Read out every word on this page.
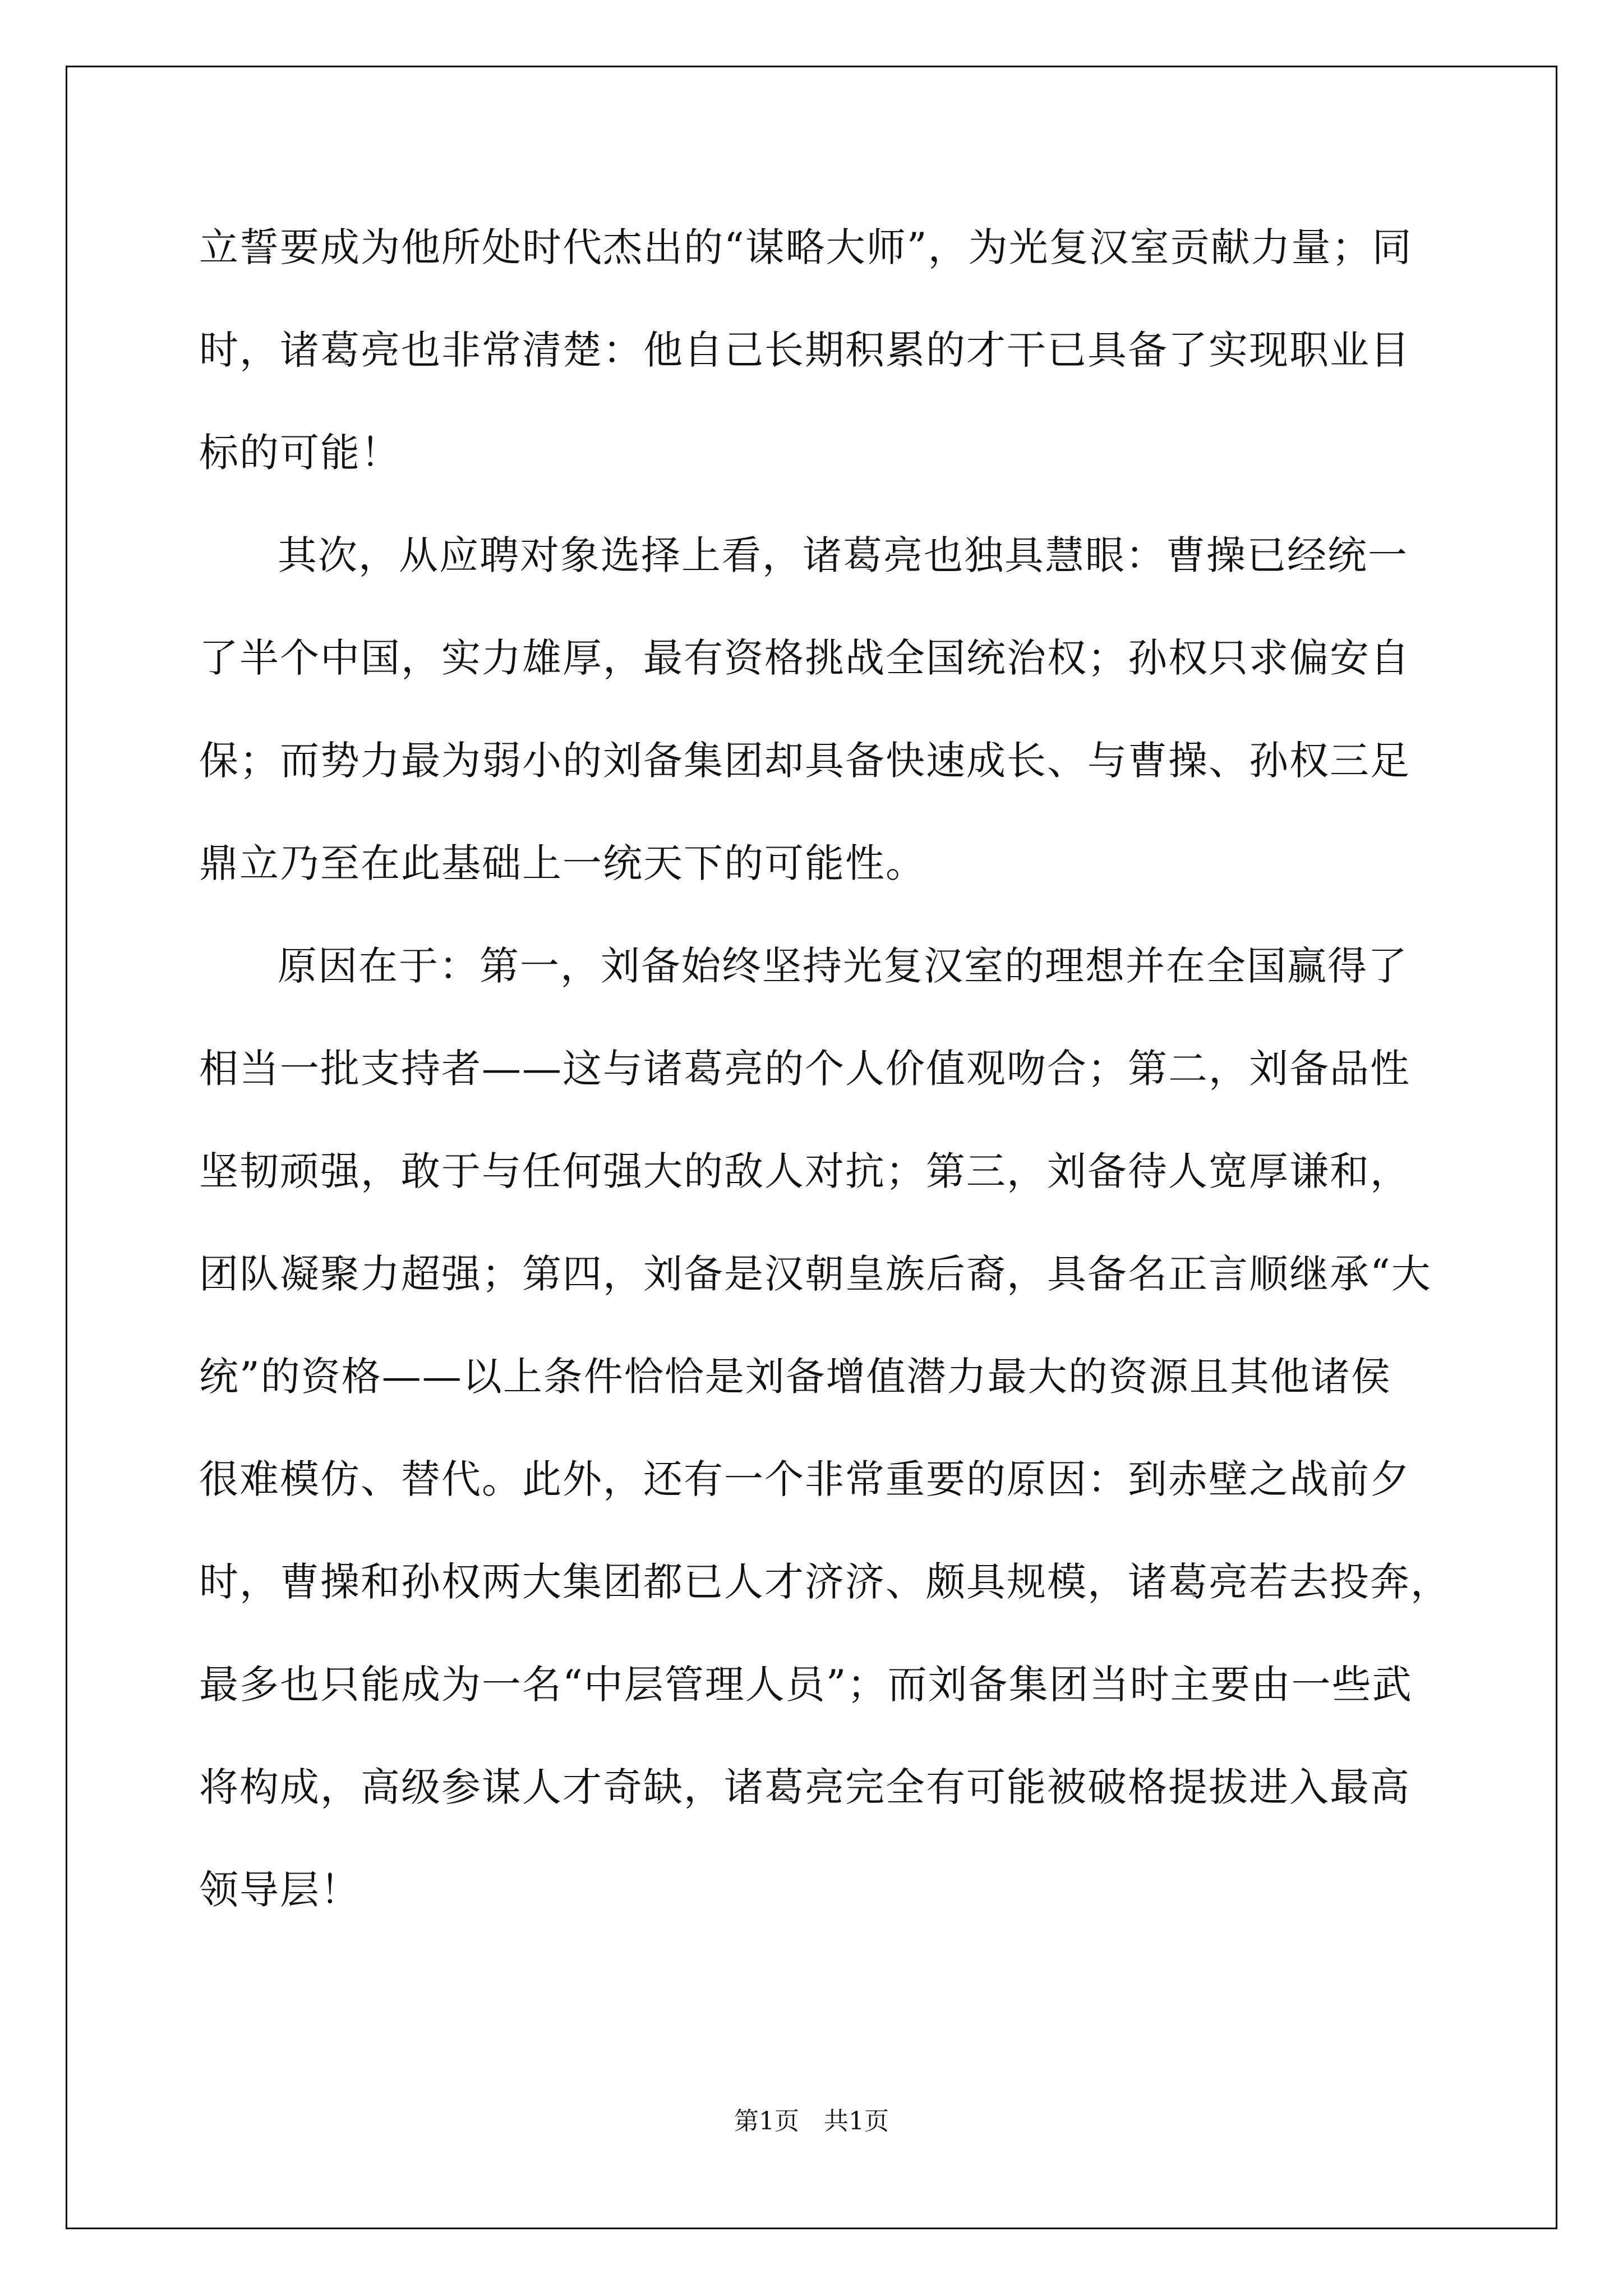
立誓要成为他所处时代杰出的“谋略大师”，为光复汉室贡献力量；同
时，诸葛亮也非常清楚：他自己长期积累的才干已具备了实现职业目
标的可能！
其次，从应聘对象选择上看，诸葛亮也独具慧眼：曹操已经统一
了半个中国，实力雄厚，最有资格挑战全国统治权；孙权只求偏安自
保；而势力最为弱小的刘备集团却具备快速成长、与曹操、孙权三足
鼎立乃至在此基础上一统天下的可能性。
原因在于：第一，刘备始终坚持光复汉室的理想并在全国赢得了
相当一批支持者——这与诸葛亮的个人价值观吻合；第二，刘备品性
坚韧顽强，敢于与任何强大的敌人对抗；第三，刘备待人宽厚谦和，
团队凝聚力超强；第四，刘备是汉朝皇族后裔，具备名正言顺继承“大
统”的资格——以上条件恰恰是刘备增值潜力最大的资源且其他诸侯
很难模仿、替代。此外，还有一个非常重要的原因：到赤壁之战前夕
时，曹操和孙权两大集团都已人才济济、颇具规模，诸葛亮若去投奔，
最多也只能成为一名“中层管理人员”；而刘备集团当时主要由一些武
将构成，高级参谋人才奇缺，诸葛亮完全有可能被破格提拔进入最高
领导层！
第1页　共1页
